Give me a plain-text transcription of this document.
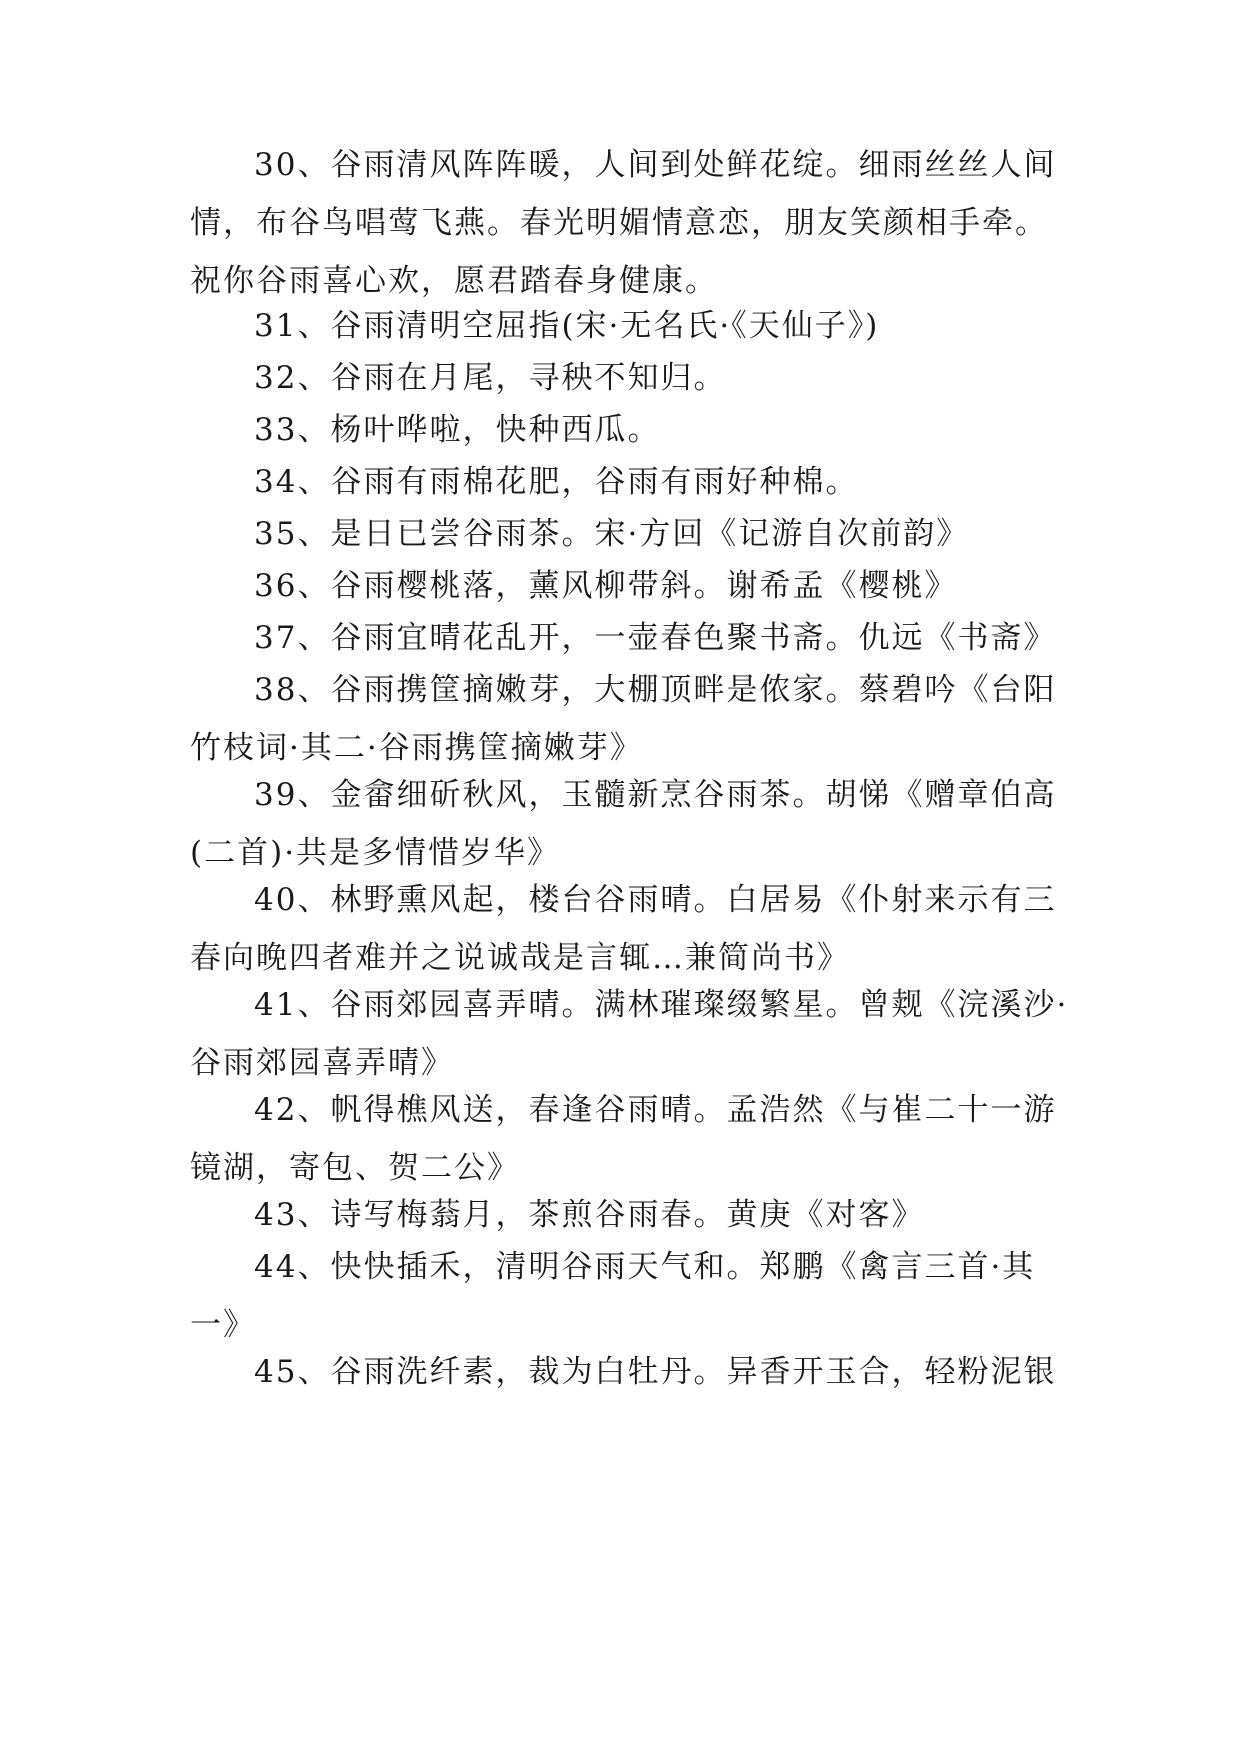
30、谷雨清风阵阵暖，人间到处鲜花绽。细雨丝丝人间情，布谷鸟唱莺飞燕。春光明媚情意恋，朋友笑颜相手牵。祝你谷雨喜心欢，愿君踏春身健康。

31、谷雨清明空屈指(宋·无名氏·《天仙子》)

32、谷雨在月尾，寻秧不知归。

33、杨叶哗啦，快种西瓜。

34、谷雨有雨棉花肥，谷雨有雨好种棉。

35、是日已尝谷雨茶。宋·方回《记游自次前韵》

36、谷雨樱桃落，薰风柳带斜。谢希孟《樱桃》

37、谷雨宜晴花乱开，一壶春色聚书斋。仇远《书斋》

38、谷雨携筐摘嫩芽，大棚顶畔是侬家。蔡碧吟《台阳竹枝词·其二·谷雨携筐摘嫩芽》

39、金畲细斫秋风，玉髓新烹谷雨茶。胡悌《赠章伯高(二首)·共是多情惜岁华》

40、林野熏风起，楼台谷雨晴。白居易《仆射来示有三春向晚四者难并之说诚哉是言辄…兼简尚书》

41、谷雨郊园喜弄晴。满林璀璨缀繁星。曾觌《浣溪沙·谷雨郊园喜弄晴》

42、帆得樵风送，春逢谷雨晴。孟浩然《与崔二十一游镜湖，寄包、贺二公》

43、诗写梅蓊月，茶煎谷雨春。黄庚《对客》

44、快快插禾，清明谷雨天气和。郑鹏《禽言三首·其一》

45、谷雨洗纤素，裁为白牡丹。异香开玉合，轻粉泥银
